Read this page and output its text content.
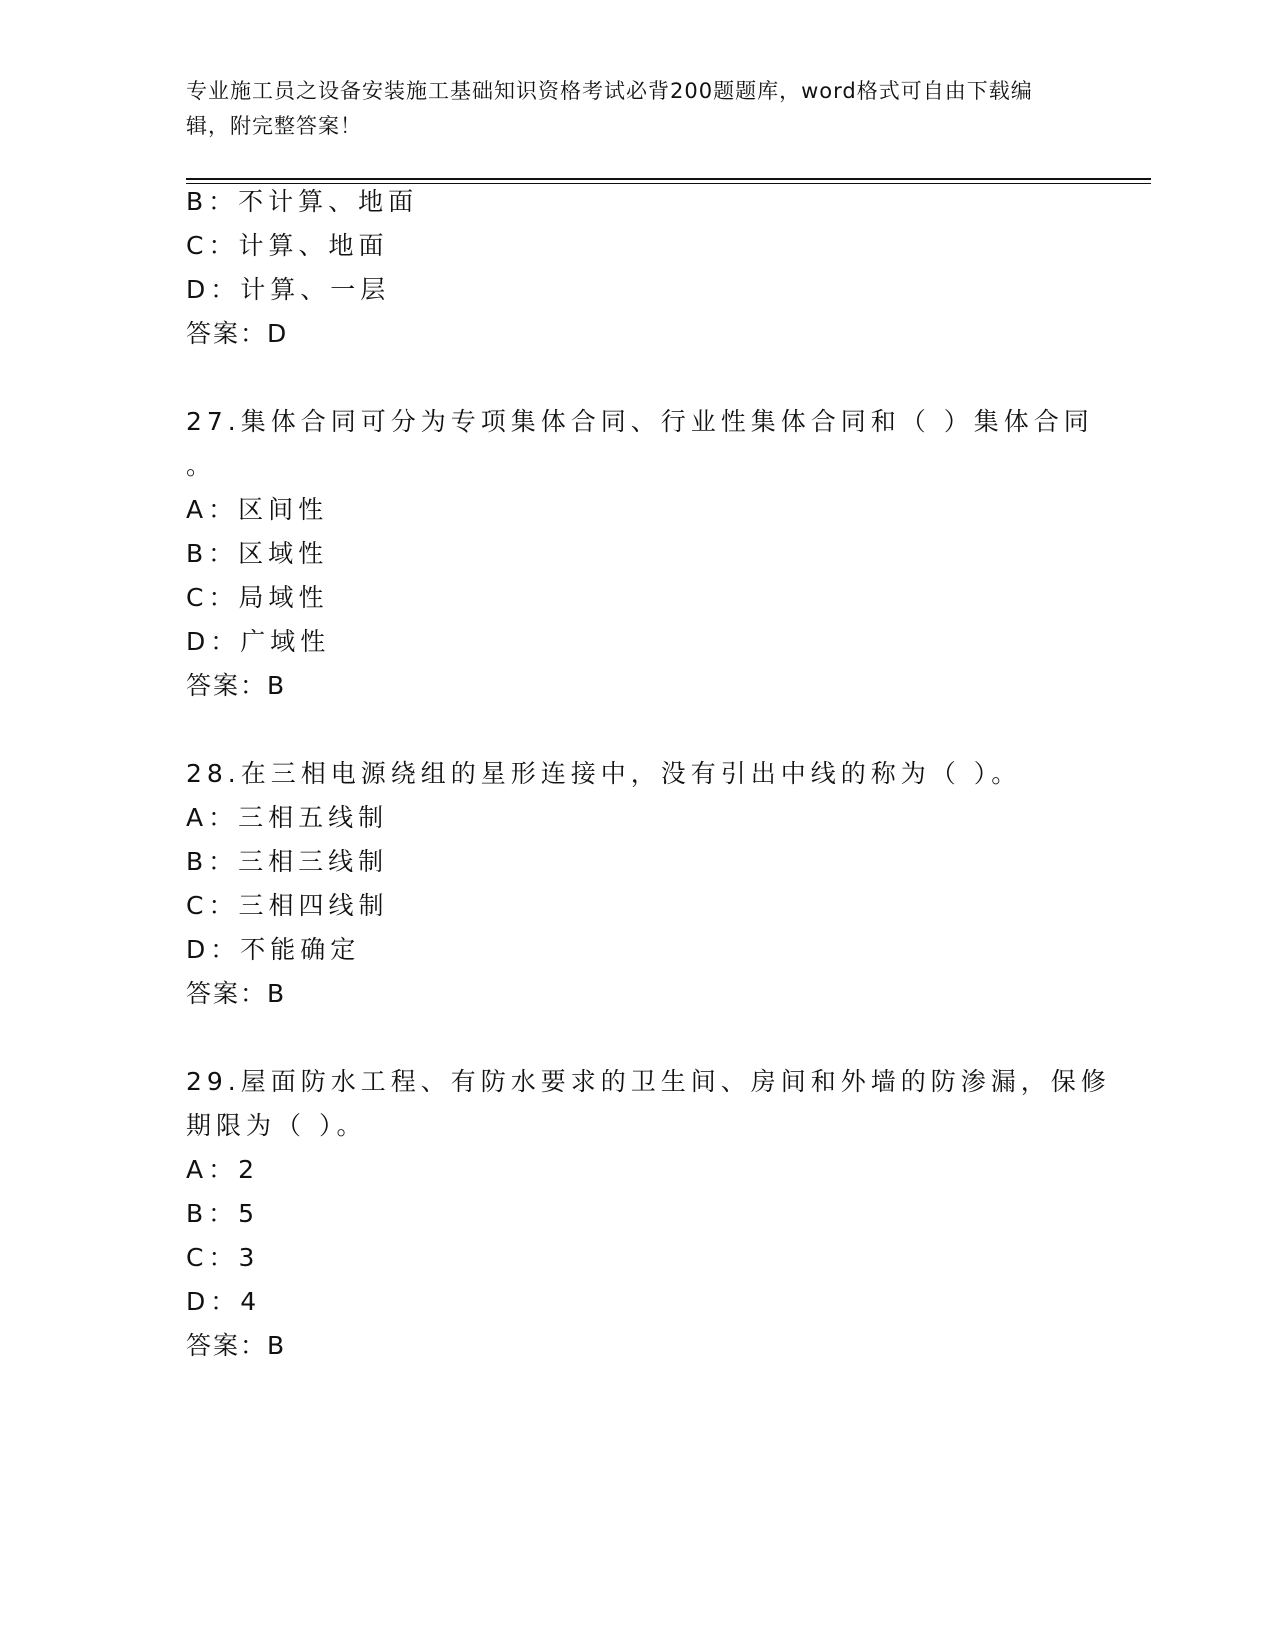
专业施工员之设备安装施工基础知识资格考试必背200题题库，word格式可自由下载编辑，附完整答案！
B：不计算、地面
C：计算、地面
D：计算、一层
答案：D
27.集体合同可分为专项集体合同、行业性集体合同和（ ）集体合同
。
A：区间性
B：区域性
C：局域性
D：广域性
答案：B
28.在三相电源绕组的星形连接中，没有引出中线的称为（ ）。
A：三相五线制
B：三相三线制
C：三相四线制
D：不能确定
答案：B
29.屋面防水工程、有防水要求的卫生间、房间和外墙的防渗漏，保修
期限为（ ）。
A：2
B：5
C：3
D：4
答案：B
